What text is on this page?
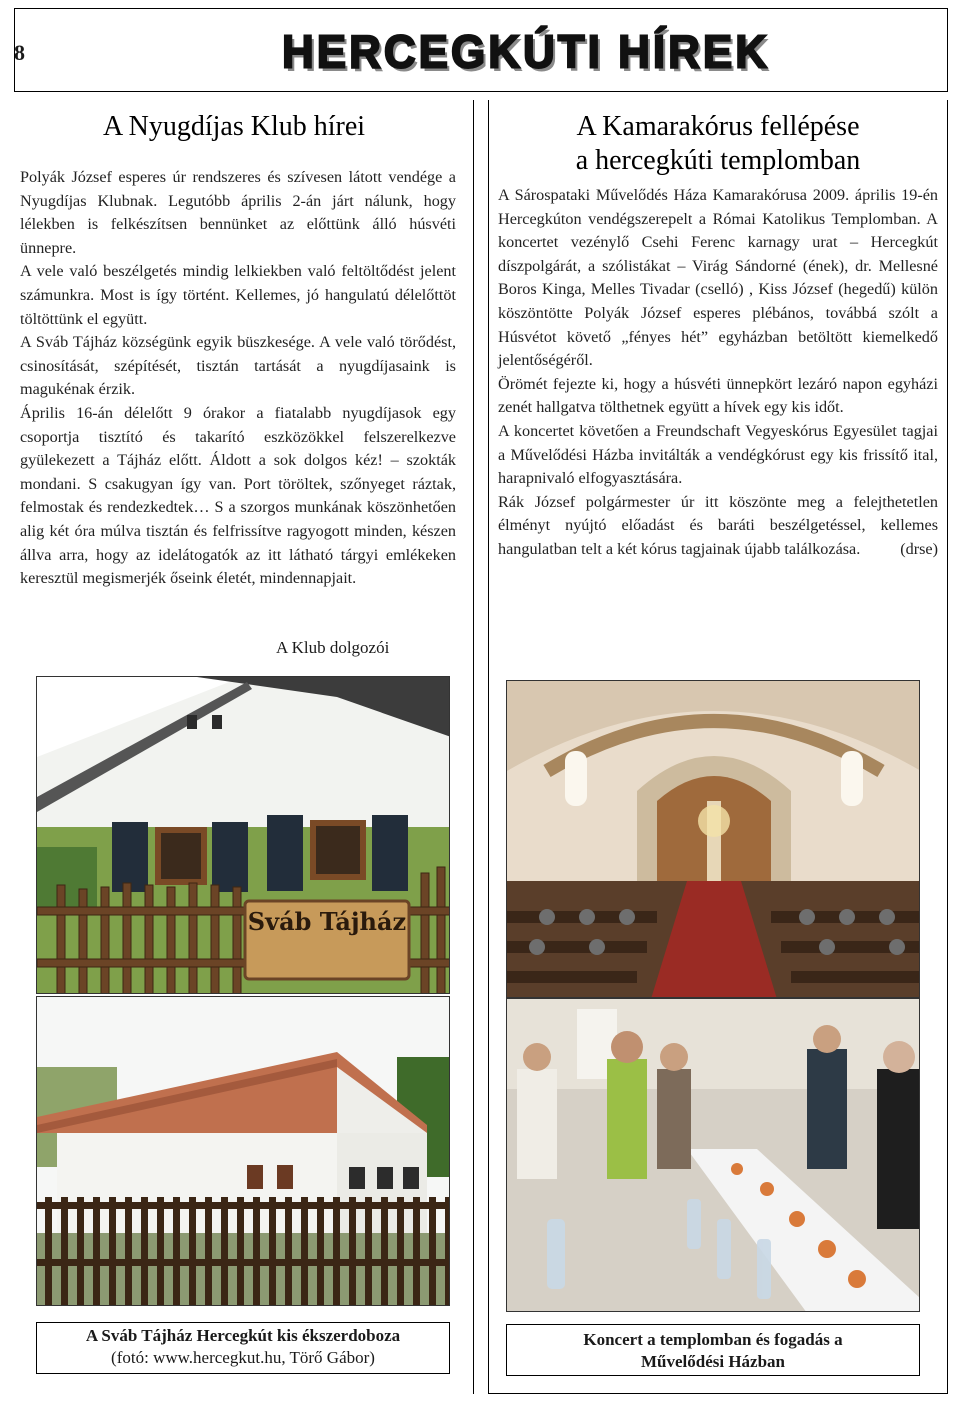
8	HERCEGKÚTI HÍREK
A Nyugdíjas Klub hírei

Polyák József esperes úr rendszeres és szívesen látott vendége a Nyugdíjas Klubnak. Legutóbb április 2-án járt nálunk, hogy lélekben is felkészítsen bennünket az előttünk álló húsvéti ünnepre.

A vele való beszélgetés mindig lelkiekben való feltöltődést jelent számunkra. Most is így történt. Kellemes, jó hangulatú délelőttöt töltöttünk el együtt.

A Sváb Tájház községünk egyik büszkesége. A vele való törődést, csinosítását, szépítését, tisztán tartását a nyugdíjasaink is magukénak érzik.

Április 16-án délelőtt 9 órakor a fiatalabb nyugdíjasok egy csoportja tisztító és takarító eszközökkel felszerelkezve gyülekezett a Tájház előtt. Áldott a sok dolgos kéz! – szokták mondani. S csakugyan így van. Port töröltek, szőnyeget ráztak, felmostak és rendezkedtek… S a szorgos munkának köszönhetően alig két óra múlva tisztán és felfrissítve ragyogott minden, készen állva arra, hogy az idelátogatók az itt látható tárgyi emlékeken keresztül megismerjék őseink életét, mindennapjait.

A Klub dolgozói
A Kamarakórus fellépése
a hercegkúti templomban

A Sárospataki Művelődés Háza Kamarakórusa 2009. április 19-én Hercegkúton vendégszerepelt a Római Katolikus Templomban. A koncertet vezénylő Csehi Ferenc karnagy urat – Hercegkút díszpolgárát, a szólistákat – Virág Sándorné (ének), dr. Mellesné Boros Kinga, Melles Tivadar (cselló) , Kiss József (hegedű) külön köszöntötte Polyák József esperes plébános, továbbá szólt a Húsvétot követő „fényes hét” egyházban betöltött kiemelkedő jelentőségéről.

Örömét fejezte ki, hogy a húsvéti ünnepkört lezáró napon egyházi zenét hallgatva tölthetnek együtt a hívek egy kis időt.

A koncertet követően a Freundschaft Vegyeskórus Egyesület tagjai a Művelődési Házba invitálták a vendégkórust egy kis frissítő ital, harapnivaló elfogyasztására.

Rák József polgármester úr itt köszönte meg a felejthetetlen élményt nyújtó előadást és baráti beszélgetéssel, kellemes hangulatban telt a két kórus tagjainak újabb találkozása. (drse)

Sváb Tájház
A Sváb Tájház Hercegkút kis ékszerdoboza
(fotó: www.hercegkut.hu, Törő Gábor)
Koncert a templomban és fogadás a
Művelődési Házban
